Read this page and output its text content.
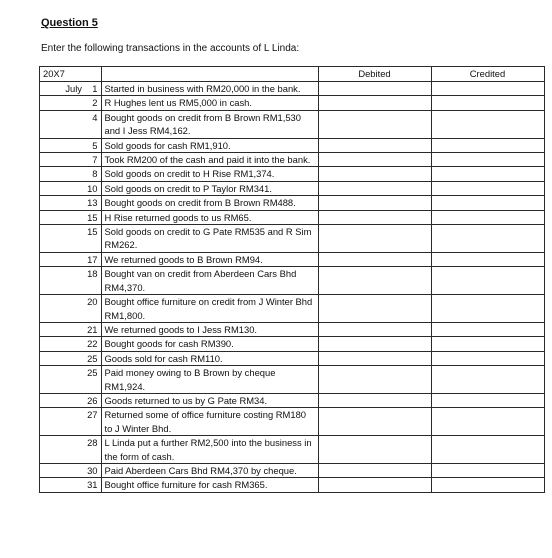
Question 5
Enter the following transactions in the accounts of L Linda:
20X7			Debited	Credited
July	1	Started in business with RM20,000 in the bank.		
	2	R Hughes lent us RM5,000 in cash.		
	4	Bought goods on credit from B Brown RM1,530 and I Jess RM4,162.		
	5	Sold goods for cash RM1,910.		
	7	Took RM200 of the cash and paid it into the bank.		
	8	Sold goods on credit to H Rise RM1,374.		
	10	Sold goods on credit to P Taylor RM341.		
	13	Bought goods on credit from B Brown RM488.		
	15	H Rise returned goods to us RM65.		
	15	Sold goods on credit to G Pate RM535 and R Sim RM262.		
	17	We returned goods to B Brown RM94.		
	18	Bought van on credit from Aberdeen Cars Bhd RM4,370.		
	20	Bought office furniture on credit from J Winter Bhd RM1,800.		
	21	We returned goods to I Jess RM130.		
	22	Bought goods for cash RM390.		
	25	Goods sold for cash RM110.		
	25	Paid money owing to B Brown by cheque RM1,924.		
	26	Goods returned to us by G Pate RM34.		
	27	Returned some of office furniture costing RM180 to J Winter Bhd.		
	28	L Linda put a further RM2,500 into the business in the form of cash.		
	30	Paid Aberdeen Cars Bhd RM4,370 by cheque.		
	31	Bought office furniture for cash RM365.		
